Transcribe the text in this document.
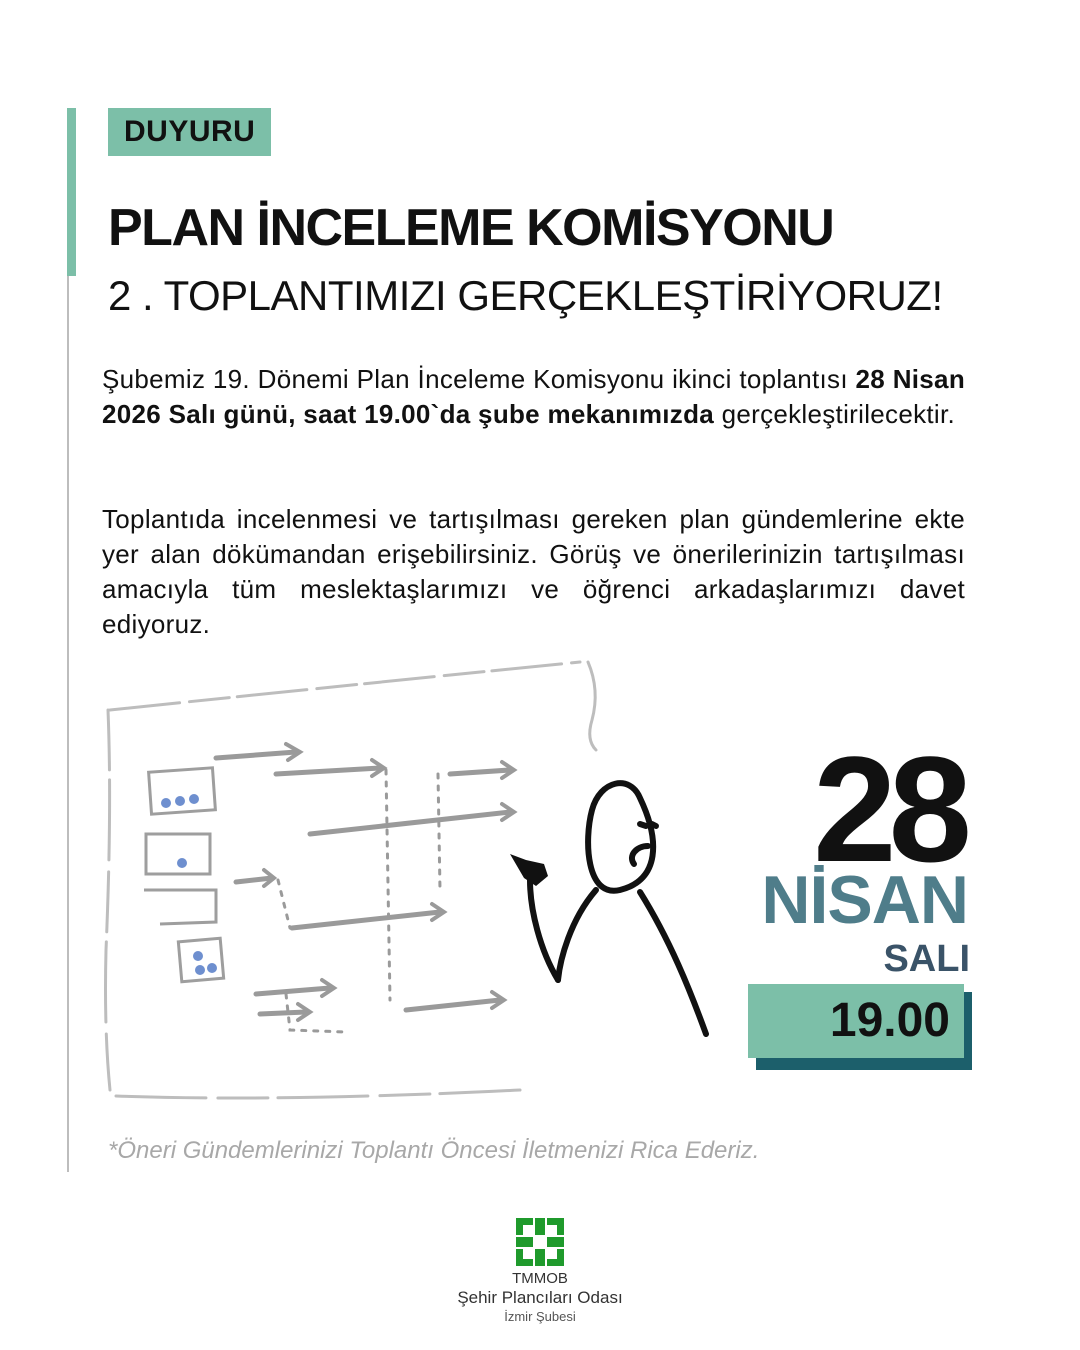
DUYURU
PLAN İNCELEME KOMİSYONU
2 . TOPLANTIMIZI GERÇEKLEŞTİRİYORUZ!

Şubemiz 19. Dönemi Plan İnceleme Komisyonu ikinci toplantısı 28 Nisan 2026 Salı günü, saat 19.00`da şube mekanımızda gerçekleştirilecektir.

Toplantıda incelenmesi ve tartışılması gereken plan gündemlerine ekte yer alan dökümandan erişebilirsiniz. Görüş ve önerilerinizin tartışılması amacıyla tüm meslektaşlarımızı ve öğrenci arkadaşlarımızı davet ediyoruz.

28
NİSAN
SALI
19.00

*Öneri Gündemlerinizi Toplantı Öncesi İletmenizi Rica Ederiz.

TMMOB
Şehir Plancıları Odası
İzmir Şubesi
